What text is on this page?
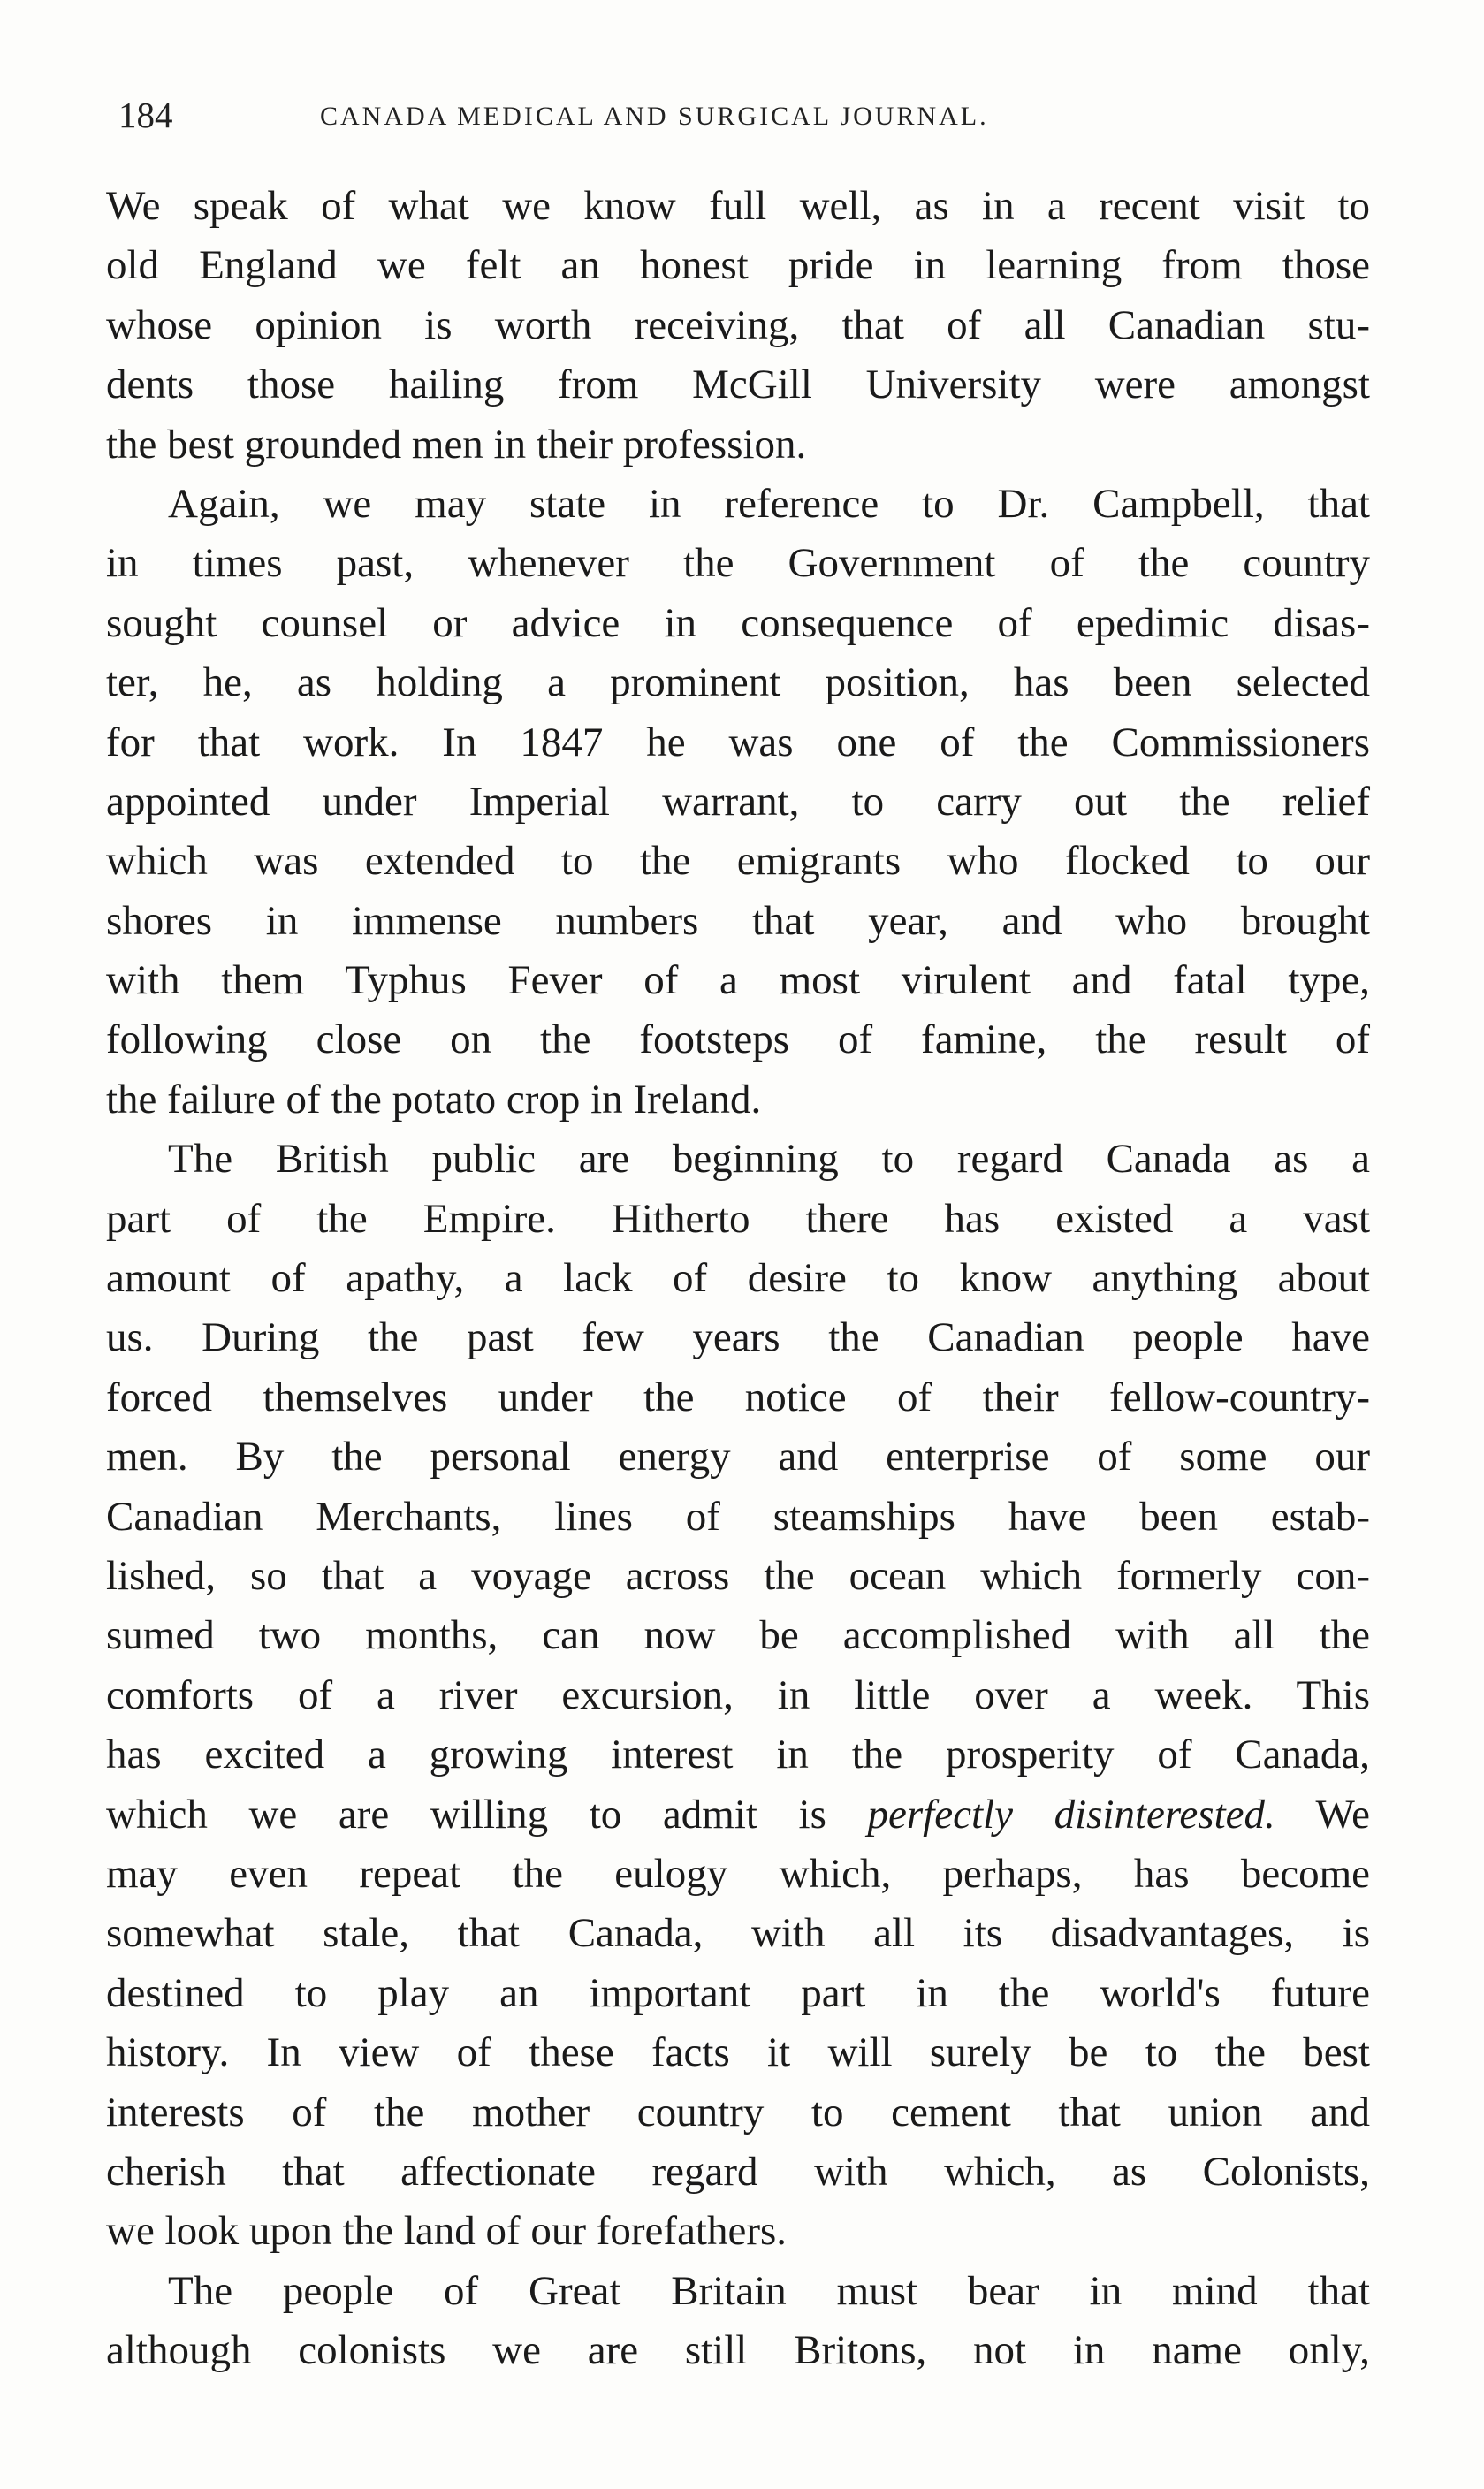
184	CANADA MEDICAL AND SURGICAL JOURNAL.
We speak of what we know full well, as in a recent visit to
old England we felt an honest pride in learning from those
whose opinion is worth receiving, that of all Canadian stu-
dents those hailing from McGill University were amongst
the best grounded men in their profession.
Again, we may state in reference to Dr. Campbell, that
in times past, whenever the Government of the country
sought counsel or advice in consequence of epedimic disas-
ter, he, as holding a prominent position, has been selected
for that work. In 1847 he was one of the Commissioners
appointed under Imperial warrant, to carry out the relief
which was extended to the emigrants who flocked to our
shores in immense numbers that year, and who brought
with them Typhus Fever of a most virulent and fatal type,
following close on the footsteps of famine, the result of
the failure of the potato crop in Ireland.
The British public are beginning to regard Canada as a
part of the Empire. Hitherto there has existed a vast
amount of apathy, a lack of desire to know anything about
us. During the past few years the Canadian people have
forced themselves under the notice of their fellow-country-
men. By the personal energy and enterprise of some our
Canadian Merchants, lines of steamships have been estab-
lished, so that a voyage across the ocean which formerly con-
sumed two months, can now be accomplished with all the
comforts of a river excursion, in little over a week. This
has excited a growing interest in the prosperity of Canada,
which we are willing to admit is perfectly disinterested. We
may even repeat the eulogy which, perhaps, has become
somewhat stale, that Canada, with all its disadvantages, is
destined to play an important part in the world's future
history. In view of these facts it will surely be to the best
interests of the mother country to cement that union and
cherish that affectionate regard with which, as Colonists,
we look upon the land of our forefathers.
The people of Great Britain must bear in mind that
although colonists we are still Britons, not in name only,
